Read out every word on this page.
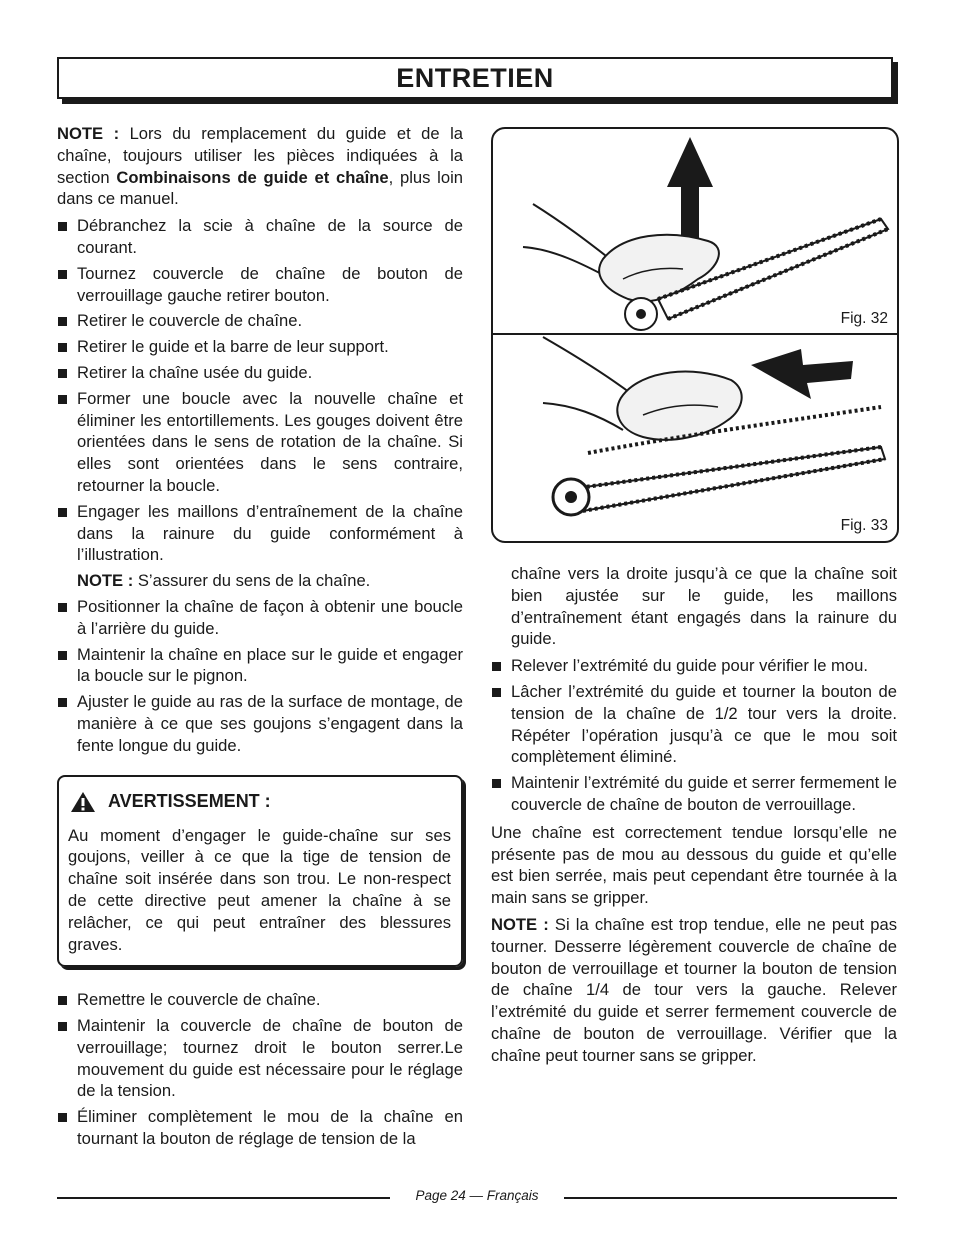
ENTRETIEN

NOTE : Lors du remplacement du guide et de la chaîne, toujours utiliser les pièces indiquées à la section Combinaisons de guide et chaîne, plus loin dans ce manuel.

Débranchez la scie à chaîne de la source de courant.
Tournez couvercle de chaîne de bouton de verrouillage gauche retirer bouton.
Retirer le couvercle de chaîne.
Retirer le guide et la barre de leur support.
Retirer la chaîne usée du guide.
Former une boucle avec la nouvelle chaîne et éliminer les entortillements. Les gouges doivent être orientées dans le sens de rotation de la chaîne. Si elles sont orientées dans le sens contraire, retourner la boucle.
Engager les maillons d’entraînement de la chaîne dans la rainure du guide conformément à l’illustration.
NOTE : S’assurer du sens de la chaîne.
Positionner la chaîne de façon à obtenir une boucle à l’arrière du guide.
Maintenir la chaîne en place sur le guide et engager la boucle sur le pignon.
Ajuster le guide au ras de la surface de montage, de manière à ce que ses goujons s’engagent dans la fente longue du guide.
AVERTISSEMENT :
Au moment d’engager le guide-chaîne sur ses goujons, veiller à ce que la tige de tension de chaîne soit insérée dans son trou. Le non-respect de cette directive peut amener la chaîne à se relâcher, ce qui peut entraîner des blessures graves.
Remettre le couvercle de chaîne.
Maintenir la couvercle de chaîne de bouton de verrouillage; tournez droit le bouton serrer.Le mouvement du guide est nécessaire pour le réglage de la tension.
Éliminer complètement le mou de la chaîne en tournant la bouton de réglage de tension de la
Fig. 32
Fig. 33
chaîne vers la droite jusqu’à ce que la chaîne soit bien ajustée sur le guide, les maillons d’entraînement étant engagés dans la rainure du guide.
Relever l’extrémité du guide pour vérifier le mou.
Lâcher l’extrémité du guide et tourner la bouton de tension de la chaîne de 1/2 tour vers la droite. Répéter l’opération jusqu’à ce que le mou soit complètement éliminé.
Maintenir l’extrémité du guide et serrer fermement le couvercle de chaîne de bouton de verrouillage.

Une chaîne est correctement tendue lorsqu’elle ne présente pas de mou au dessous du guide et qu’elle est bien serrée, mais peut cependant être tournée à la main sans se gripper.

NOTE : Si la chaîne est trop tendue, elle ne peut pas tourner. Desserre légèrement couvercle de chaîne de bouton de verrouillage et tourner la bouton de tension de chaîne 1/4 de tour vers la gauche. Relever l’extrémité du guide et serrer fermement couvercle de chaîne de bouton de verrouillage. Vérifier que la chaîne peut tourner sans se gripper.

Page 24 — Français
